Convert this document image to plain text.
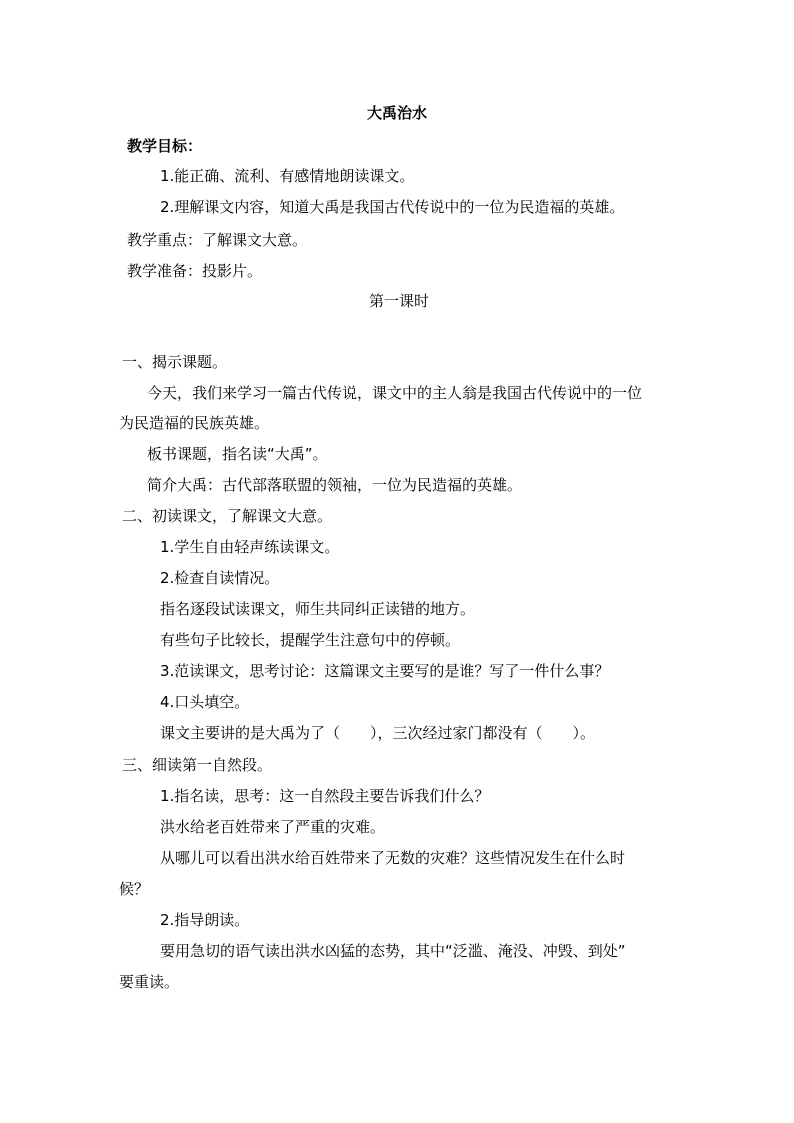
大禹治水
教学目标：
1.能正确、流利、有感情地朗读课文。
2.理解课文内容，知道大禹是我国古代传说中的一位为民造福的英雄。
教学重点：了解课文大意。
教学准备：投影片。
第一课时
一、揭示课题。
今天，我们来学习一篇古代传说，课文中的主人翁是我国古代传说中的一位
为民造福的民族英雄。
板书课题，指名读“大禹”。
简介大禹：古代部落联盟的领袖，一位为民造福的英雄。
二、初读课文，了解课文大意。
1.学生自由轻声练读课文。
2.检查自读情况。
指名逐段试读课文，师生共同纠正读错的地方。
有些句子比较长，提醒学生注意句中的停顿。
3.范读课文，思考讨论：这篇课文主要写的是谁？写了一件什么事？
4.口头填空。
课文主要讲的是大禹为了（　　），三次经过家门都没有（　　）。
三、细读第一自然段。
1.指名读，思考：这一自然段主要告诉我们什么？
洪水给老百姓带来了严重的灾难。
从哪儿可以看出洪水给百姓带来了无数的灾难？这些情况发生在什么时
候？
2.指导朗读。
要用急切的语气读出洪水凶猛的态势，其中“泛滥、淹没、冲毁、到处”
要重读。
